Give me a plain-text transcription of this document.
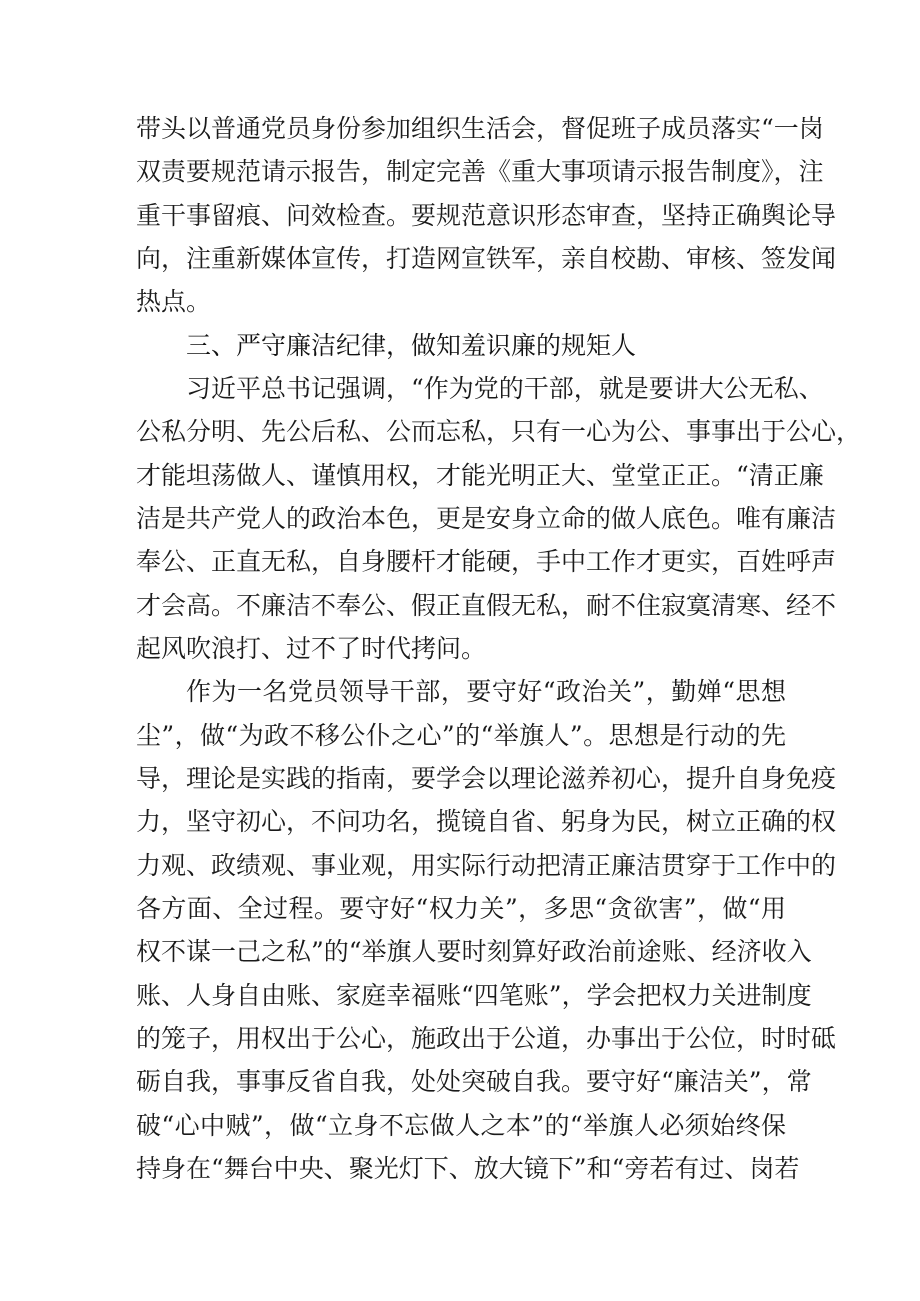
带头以普通党员身份参加组织生活会，督促班子成员落实“一岗
双责要规范请示报告，制定完善《重大事项请示报告制度》，注
重干事留痕、问效检查。要规范意识形态审查，坚持正确舆论导
向，注重新媒体宣传，打造网宣铁军，亲自校勘、审核、签发闻
热点。
三、严守廉洁纪律，做知羞识廉的规矩人
习近平总书记强调，“作为党的干部，就是要讲大公无私、
公私分明、先公后私、公而忘私，只有一心为公、事事出于公心，
才能坦荡做人、谨慎用权，才能光明正大、堂堂正正。“清正廉
洁是共产党人的政治本色，更是安身立命的做人底色。唯有廉洁
奉公、正直无私，自身腰杆才能硬，手中工作才更实，百姓呼声
才会高。不廉洁不奉公、假正直假无私，耐不住寂寞清寒、经不
起风吹浪打、过不了时代拷问。
作为一名党员领导干部，要守好“政治关”，勤婵“思想
尘”，做“为政不移公仆之心”的“举旗人”。思想是行动的先
导，理论是实践的指南，要学会以理论滋养初心，提升自身免疫
力，坚守初心，不问功名，揽镜自省、躬身为民，树立正确的权
力观、政绩观、事业观，用实际行动把清正廉洁贯穿于工作中的
各方面、全过程。要守好“权力关”，多思“贪欲害”，做“用
权不谋一己之私”的“举旗人要时刻算好政治前途账、经济收入
账、人身自由账、家庭幸福账“四笔账”，学会把权力关进制度
的笼子，用权出于公心，施政出于公道，办事出于公位，时时砥
砺自我，事事反省自我，处处突破自我。要守好“廉洁关”，常
破“心中贼”，做“立身不忘做人之本”的“举旗人必须始终保
持身在“舞台中央、聚光灯下、放大镜下”和“旁若有过、岗若
